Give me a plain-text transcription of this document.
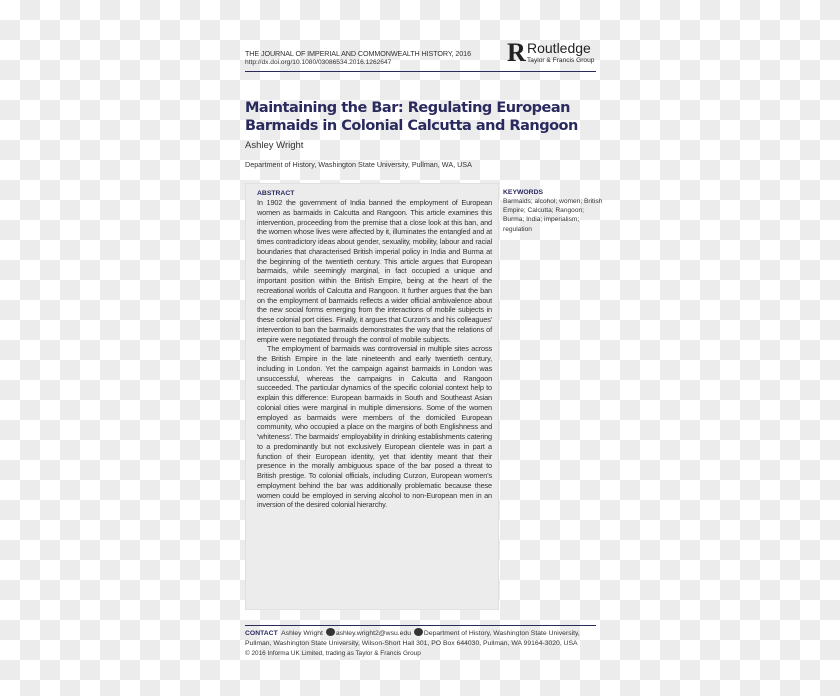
THE JOURNAL OF IMPERIAL AND COMMONWEALTH HISTORY, 2016
http://dx.doi.org/10.1080/03086534.2016.1262647	R Routledge
Taylor & Francis Group
Maintaining the Bar: Regulating European Barmaids in Colonial Calcutta and Rangoon
Ashley Wright
Department of History, Washington State University, Pullman, WA, USA
ABSTRACT

In 1902 the government of India banned the employment of European women as barmaids in Calcutta and Rangoon. This article examines this intervention, proceeding from the premise that a close look at this ban, and the women whose lives were affected by it, illuminates the entangled and at times contradictory ideas about gender, sexuality, mobility, labour and racial boundaries that characterised British imperial policy in India and Burma at the beginning of the twentieth century. This article argues that European barmaids, while seemingly marginal, in fact occupied a unique and important position within the British Empire, being at the heart of the recreational worlds of Calcutta and Rangoon. It further argues that the ban on the employment of barmaids reflects a wider official ambivalence about the new social forms emerging from the interactions of mobile subjects in these colonial port cities. Finally, it argues that Curzon's and his colleagues' intervention to ban the barmaids demonstrates the way that the relations of empire were negotiated through the control of mobile subjects.

The employment of barmaids was controversial in multiple sites across the British Empire in the late nineteenth and early twentieth century, including in London. Yet the campaign against barmaids in London was unsuccessful, whereas the campaigns in Calcutta and Rangoon succeeded. The particular dynamics of the specific colonial context help to explain this difference: European barmaids in South and Southeast Asian colonial cities were marginal in multiple dimensions. Some of the women employed as barmaids were members of the domiciled European community, who occupied a place on the margins of both Englishness and 'whiteness'. The barmaids' employability in drinking establishments catering to a predominantly but not exclusively European clientele was in part a function of their European identity, yet that identity meant that their presence in the morally ambiguous space of the bar posed a threat to British prestige. To colonial officials, including Curzon, European women's employment behind the bar was additionally problematic because these women could be employed in serving alcohol to non-European men in an inversion of the desired colonial hierarchy.

KEYWORDS
Barmaids; alcohol; women; British Empire; Calcutta; Rangoon; Burma; India; imperialism; regulation
CONTACT Ashley Wright ashley.wright2@wsu.edu Department of History, Washington State University, Pullman, Washington State University, Wilson-Short Hall 301, PO Box 644030, Pullman, WA 99164-3020, USA
© 2016 Informa UK Limited, trading as Taylor & Francis Group
